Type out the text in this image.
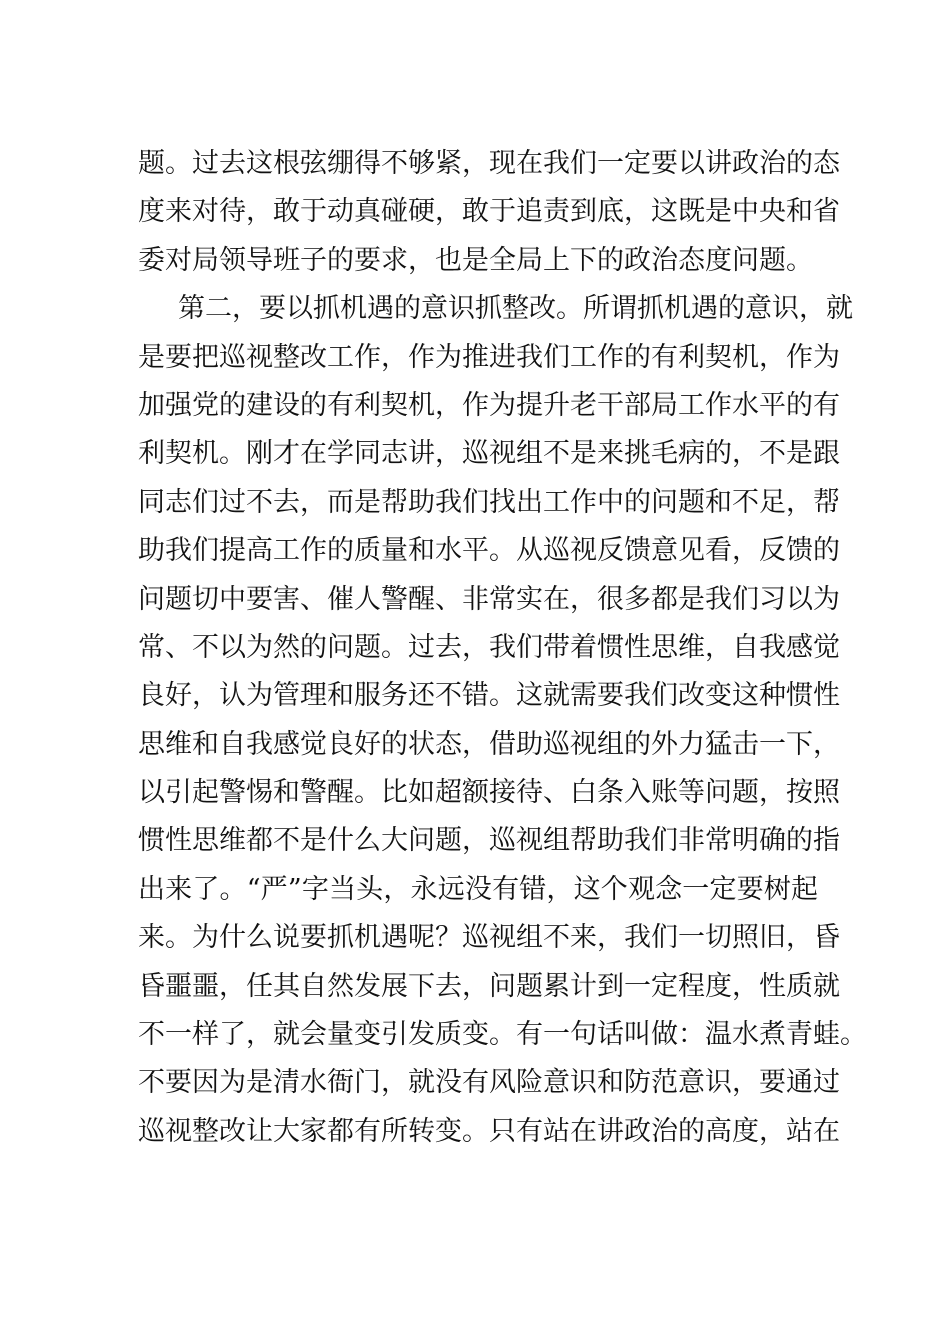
题。过去这根弦绷得不够紧，现在我们一定要以讲政治的态
度来对待，敢于动真碰硬，敢于追责到底，这既是中央和省
委对局领导班子的要求，也是全局上下的政治态度问题。
第二，要以抓机遇的意识抓整改。所谓抓机遇的意识，就
是要把巡视整改工作，作为推进我们工作的有利契机，作为
加强党的建设的有利契机，作为提升老干部局工作水平的有
利契机。刚才在学同志讲，巡视组不是来挑毛病的，不是跟
同志们过不去，而是帮助我们找出工作中的问题和不足，帮
助我们提高工作的质量和水平。从巡视反馈意见看，反馈的
问题切中要害、催人警醒、非常实在，很多都是我们习以为
常、不以为然的问题。过去，我们带着惯性思维，自我感觉
良好，认为管理和服务还不错。这就需要我们改变这种惯性
思维和自我感觉良好的状态，借助巡视组的外力猛击一下，
以引起警惕和警醒。比如超额接待、白条入账等问题，按照
惯性思维都不是什么大问题，巡视组帮助我们非常明确的指
出来了。“严”字当头，永远没有错，这个观念一定要树起
来。为什么说要抓机遇呢？巡视组不来，我们一切照旧，昏
昏噩噩，任其自然发展下去，问题累计到一定程度，性质就
不一样了，就会量变引发质变。有一句话叫做：温水煮青蛙。
不要因为是清水衙门，就没有风险意识和防范意识，要通过
巡视整改让大家都有所转变。只有站在讲政治的高度，站在
